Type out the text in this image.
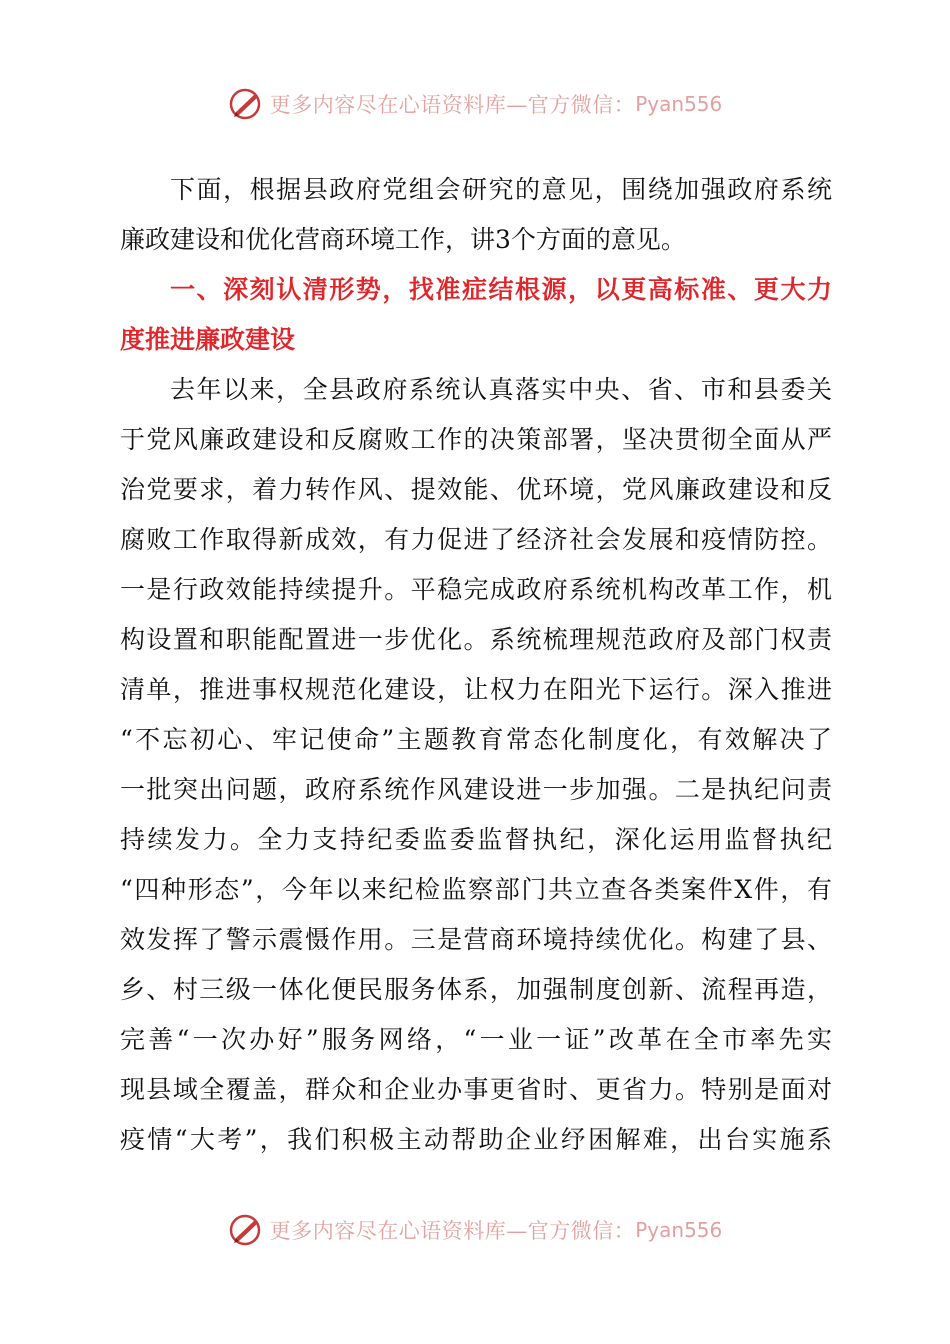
更多内容尽在心语资料库—官方微信： Pyan556
下面，根据县政府党组会研究的意见，围绕加强政府系统
廉政建设和优化营商环境工作，讲3个方面的意见。
一、深刻认清形势，找准症结根源，以更高标准、更大力
度推进廉政建设
去年以来，全县政府系统认真落实中央、省、市和县委关
于党风廉政建设和反腐败工作的决策部署，坚决贯彻全面从严
治党要求，着力转作风、提效能、优环境，党风廉政建设和反
腐败工作取得新成效，有力促进了经济社会发展和疫情防控。
一是行政效能持续提升。平稳完成政府系统机构改革工作，机
构设置和职能配置进一步优化。系统梳理规范政府及部门权责
清单，推进事权规范化建设，让权力在阳光下运行。深入推进
“不忘初心、牢记使命”主题教育常态化制度化，有效解决了
一批突出问题，政府系统作风建设进一步加强。二是执纪问责
持续发力。全力支持纪委监委监督执纪，深化运用监督执纪
“四种形态”，今年以来纪检监察部门共立查各类案件X件，有
效发挥了警示震慑作用。三是营商环境持续优化。构建了县、
乡、村三级一体化便民服务体系，加强制度创新、流程再造，
完善“一次办好”服务网络，“一业一证”改革在全市率先实
现县域全覆盖，群众和企业办事更省时、更省力。特别是面对
疫情“大考”，我们积极主动帮助企业纾困解难，出台实施系
更多内容尽在心语资料库—官方微信： Pyan556
